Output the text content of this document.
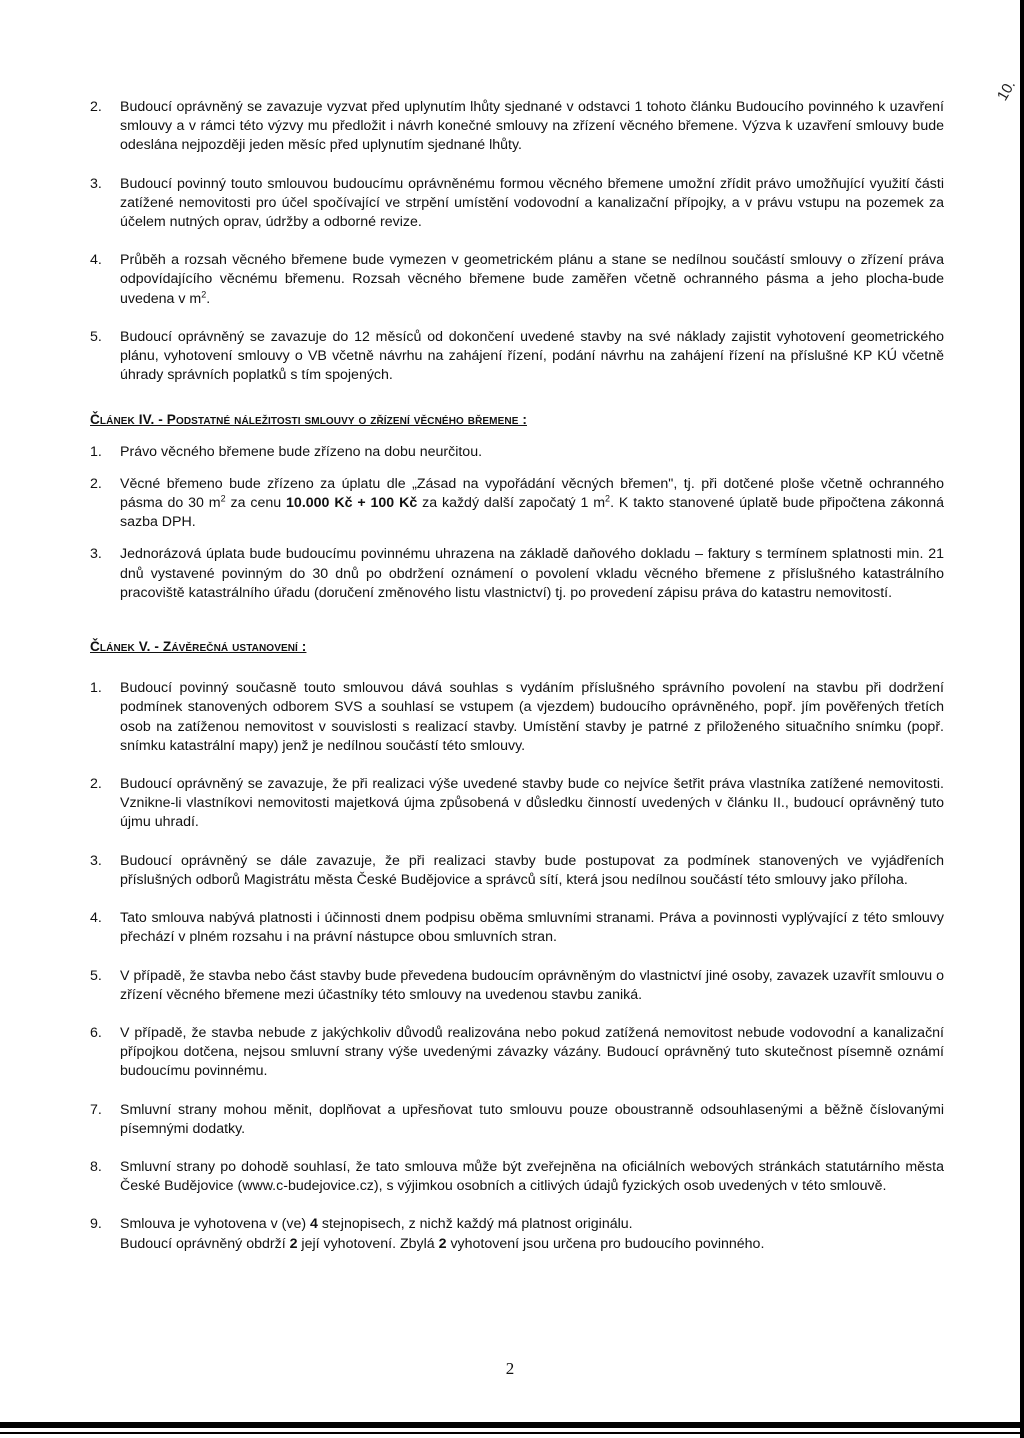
10.
2. Budoucí oprávněný se zavazuje vyzvat před uplynutím lhůty sjednané v odstavci 1 tohoto článku Budoucího povinného k uzavření smlouvy a v rámci této výzvy mu předložit i návrh konečné smlouvy na zřízení věcného břemene. Výzva k uzavření smlouvy bude odeslána nejpozději jeden měsíc před uplynutím sjednané lhůty.
3. Budoucí povinný touto smlouvou budoucímu oprávněnému formou věcného břemene umožní zřídit právo umožňující využití části zatížené nemovitosti pro účel spočívající ve strpění umístění vodovodní a kanalizační přípojky, a v právu vstupu na pozemek za účelem nutných oprav, údržby a odborné revize.
4. Průběh a rozsah věcného břemene bude vymezen v geometrickém plánu a stane se nedílnou součástí smlouvy o zřízení práva odpovídajícího věcnému břemenu. Rozsah věcného břemene bude zaměřen včetně ochranného pásma a jeho plocha-bude uvedena v $m^2$.
5. Budoucí oprávněný se zavazuje do 12 měsíců od dokončení uvedené stavby na své náklady zajistit vyhotovení geometrického plánu, vyhotovení smlouvy o VB včetně návrhu na zahájení řízení, podání návrhu na zahájení řízení na příslušné KP KÚ včetně úhrady správních poplatků s tím spojených.
Článek IV. - Podstatné náležitosti smlouvy o zřízení věcného břemene :
1. Právo věcného břemene bude zřízeno na dobu neurčitou.
2. Věcné břemeno bude zřízeno za úplatu dle „Zásad na vypořádání věcných břemen", tj. při dotčené ploše včetně ochranného pásma do 30 $m^2$ za cenu 10.000 Kč + 100 Kč za každý další započatý 1 $m^2$. K takto stanovené úplatě bude připočtena zákonná sazba DPH.
3. Jednorázová úplata bude budoucímu povinnému uhrazena na základě daňového dokladu – faktury s termínem splatnosti min. 21 dnů vystavené povinným do 30 dnů po obdržení oznámení o povolení vkladu věcného břemene z příslušného katastrálního pracoviště katastrálního úřadu (doručení změnového listu vlastnictví) tj. po provedení zápisu práva do katastru nemovitostí.
Článek V. - Závěrečná ustanovení :
1. Budoucí povinný současně touto smlouvou dává souhlas s vydáním příslušného správního povolení na stavbu při dodržení podmínek stanovených odborem SVS a souhlasí se vstupem (a vjezdem) budoucího oprávněného, popř. jím pověřených třetích osob na zatíženou nemovitost v souvislosti s realizací stavby. Umístění stavby je patrné z přiloženého situačního snímku (popř. snímku katastrální mapy) jenž je nedílnou součástí této smlouvy.
2. Budoucí oprávněný se zavazuje, že při realizaci výše uvedené stavby bude co nejvíce šetřit práva vlastníka zatížené nemovitosti. Vznikne-li vlastníkovi nemovitosti majetková újma způsobená v důsledku činností uvedených v článku II., budoucí oprávněný tuto újmu uhradí.
3. Budoucí oprávněný se dále zavazuje, že při realizaci stavby bude postupovat za podmínek stanovených ve vyjádřeních příslušných odborů Magistrátu města České Budějovice a správců sítí, která jsou nedílnou součástí této smlouvy jako příloha.
4. Tato smlouva nabývá platnosti i účinnosti dnem podpisu oběma smluvními stranami. Práva a povinnosti vyplývající z této smlouvy přechází v plném rozsahu i na právní nástupce obou smluvních stran.
5. V případě, že stavba nebo část stavby bude převedena budoucím oprávněným do vlastnictví jiné osoby, zavazek uzavřít smlouvu o zřízení věcného břemene mezi účastníky této smlouvy na uvedenou stavbu zaniká.
6. V případě, že stavba nebude z jakýchkoliv důvodů realizována nebo pokud zatížená nemovitost nebude vodovodní a kanalizační přípojkou dotčena, nejsou smluvní strany výše uvedenými závazky vázány. Budoucí oprávněný tuto skutečnost písemně oznámí budoucímu povinnému.
7. Smluvní strany mohou měnit, doplňovat a upřesňovat tuto smlouvu pouze oboustranně odsouhlasenými a běžně číslovanými písemnými dodatky.
8. Smluvní strany po dohodě souhlasí, že tato smlouva může být zveřejněna na oficiálních webových stránkách statutárního města České Budějovice (www.c-budejovice.cz), s výjimkou osobních a citlivých údajů fyzických osob uvedených v této smlouvě.
9. Smlouva je vyhotovena v (ve) 4 stejnopisech, z nichž každý má platnost originálu.
Budoucí oprávněný obdrží 2 její vyhotovení. Zbylá 2 vyhotovení jsou určena pro budoucího povinného.
2
